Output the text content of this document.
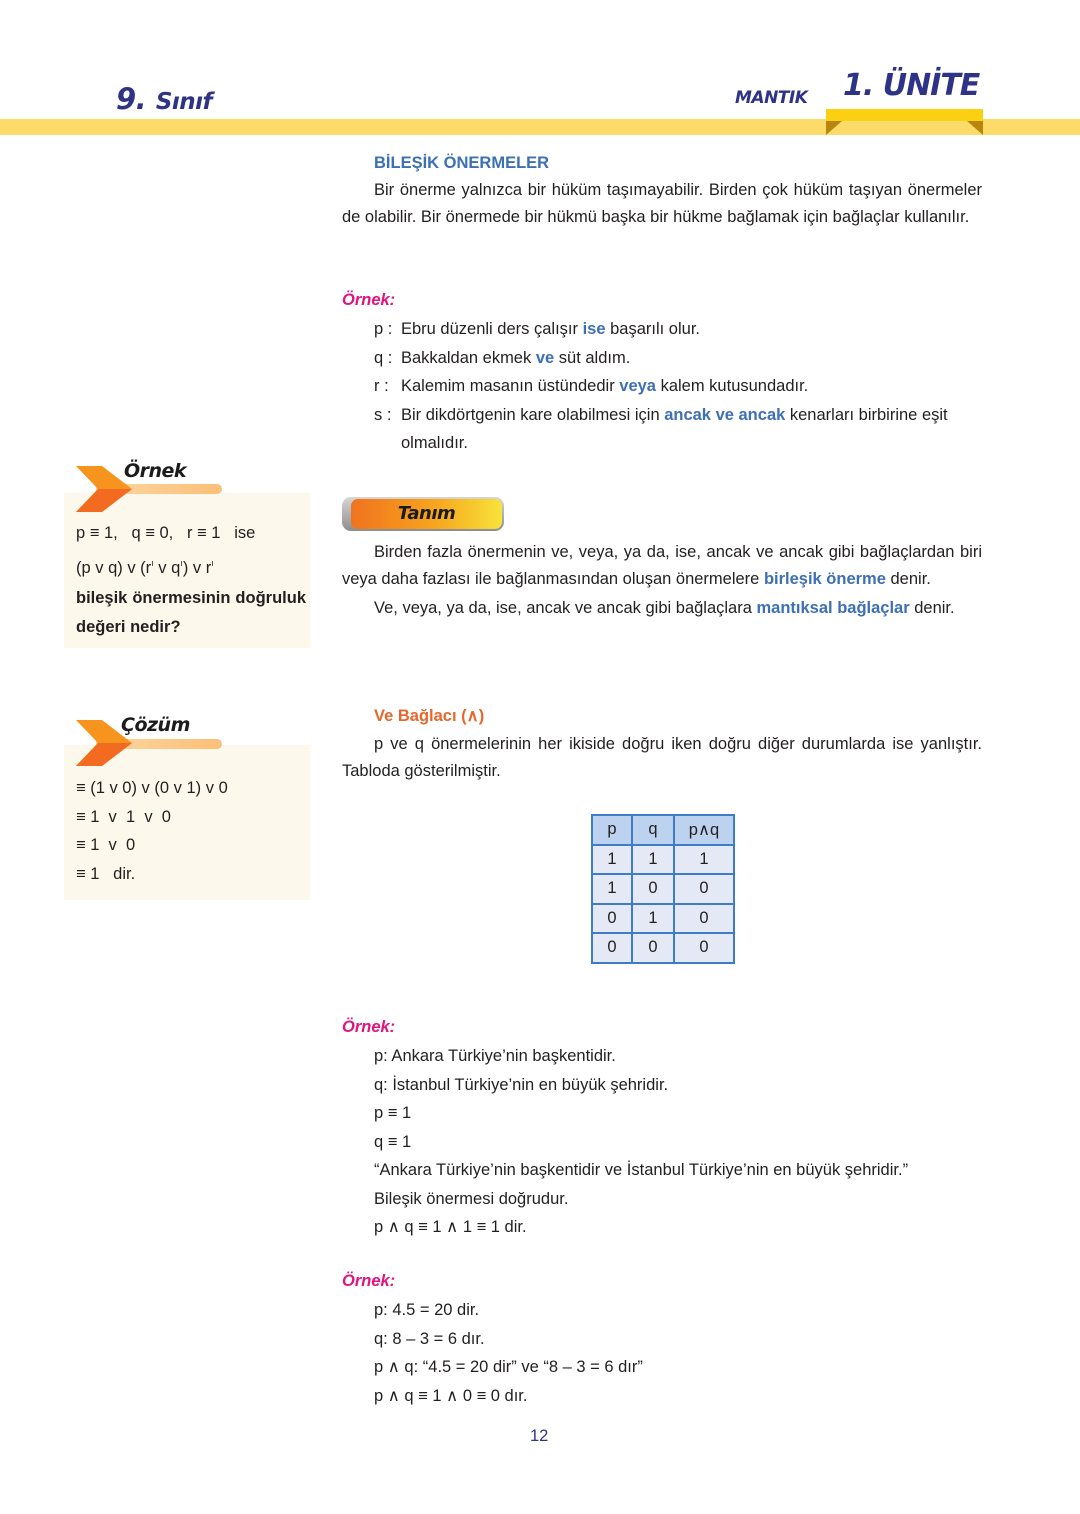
9. Sınıf	MANTIK 1. ÜNİTE
BİLEŞİK ÖNERMELER

Bir önerme yalnızca bir hüküm taşımayabilir. Birden çok hüküm taşıyan önermeler de olabilir. Bir önermede bir hükmü başka bir hükme bağlamak için bağlaçlar kullanılır.

Örnek:
p : Ebru düzenli ders çalışır ise başarılı olur.
q : Bakkaldan ekmek ve süt aldım.
r : Kalemim masanın üstündedir veya kalem kutusundadır.
s : Bir dikdörtgenin kare olabilmesi için ancak ve ancak kenarları birbirine eşit olmalıdır.
Tanım

Birden fazla önermenin ve, veya, ya da, ise, ancak ve ancak gibi bağlaçlardan biri veya daha fazlası ile bağlanmasından oluşan önermelere birleşik önerme denir.

Ve, veya, ya da, ise, ancak ve ancak gibi bağlaçlara mantıksal bağlaçlar denir.

Ve Bağlacı (∧)

p ve q önermelerinin her ikiside doğru iken doğru diğer durumlarda ise yanlıştır. Tabloda gösterilmiştir.

p	q	p∧q
1	1	1
1	0	0
0	1	0
0	0	0
Örnek:
p: Ankara Türkiye’nin başkentidir.
q: İstanbul Türkiye’nin en büyük şehridir.
p ≡ 1
q ≡ 1
“Ankara Türkiye’nin başkentidir ve İstanbul Türkiye’nin en büyük şehridir.”
Bileşik önermesi doğrudur.
p ∧ q ≡ 1 ∧ 1 ≡ 1 dir.
Örnek:
p: 4.5 = 20 dir.
q: 8 – 3 = 6 dır.
p ∧ q: “4.5 = 20 dir” ve “8 – 3 = 6 dır”
p ∧ q ≡ 1 ∧ 0 ≡ 0 dır.
Örnek
p ≡ 1,   q ≡ 0,   r ≡ 1   ise
(p v q) v ($r^ı$ v $q^ı$) v $r^ı$
bileşik önermesinin doğruluk değeri nedir?
Çözüm
≡ (1 v 0) v (0 v 1) v 0
≡ 1  v  1  v  0
≡ 1  v  0
≡ 1   dir.
12
